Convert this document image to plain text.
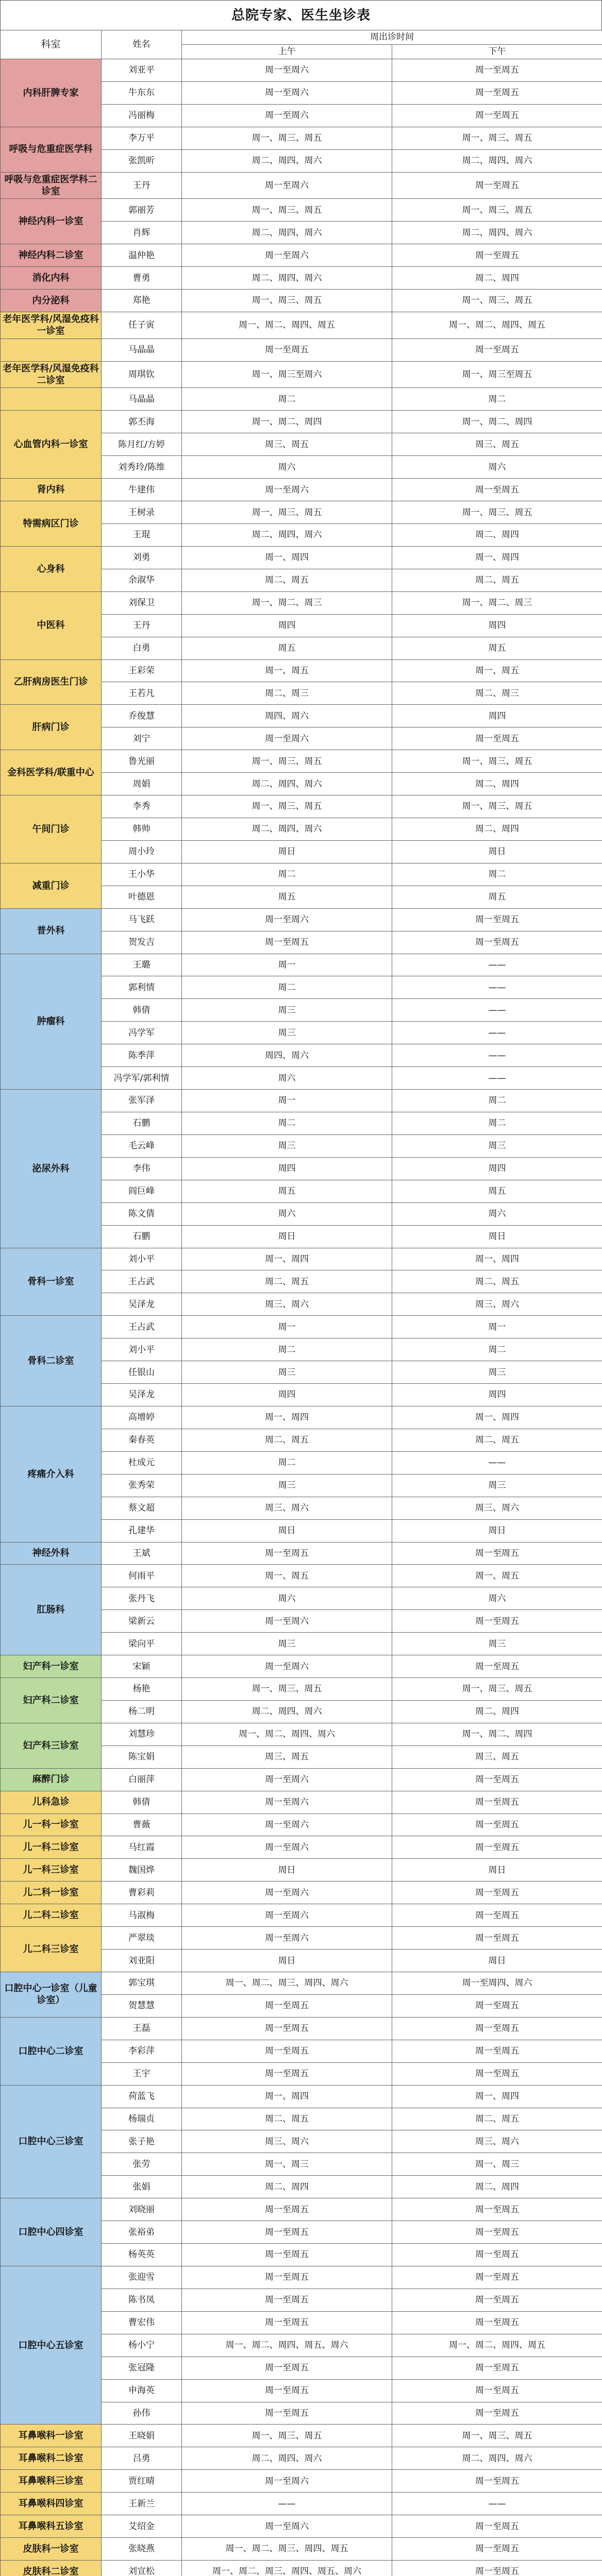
总院专家、医生坐诊表
科室	姓名	周出诊时间	
		上午	下午
内科肝脾专家	刘亚平	周一至周六	周一至周五
	牛东东	周一至周六	周一至周五
	冯丽梅	周一至周六	周一至周五
呼吸与危重症医学科	李万平	周一、周三、周五	周一、周三、周五
	张凯昕	周二、周四、周六	周二、周四、周六
呼吸与危重症医学科二诊室	王丹	周一至周六	周一至周五
神经内科一诊室	郭丽芳	周一、周三、周五	周一、周三、周五
	肖辉	周二、周四、周六	周二、周四、周六
神经内科二诊室	温仲艳	周一至周六	周一至周五
消化内科	曹勇	周二、周四、周六	周二、周四
内分泌科	郑艳	周一、周三、周五	周一、周三、周五
老年医学科/风湿免疫科一诊室	任子寅	周一、周二、周四、周五	周一、周二、周四、周五
	马晶晶	周一至周五	周一至周五
老年医学科/风湿免疫科二诊室	周琪钦	周一、周三至周六	周一、周三至周五
	马晶晶	周二	周二
心血管内科一诊室	郭丕海	周一、周二、周四	周一、周二、周四
	陈月红/方婷	周三、周五	周三、周五
	刘秀玲/陈维	周六	周六
肾内科	牛建伟	周一至周六	周一至周五
特需病区门诊	王树录	周一、周三、周五	周一、周三、周五
	王琨	周二、周四、周六	周二、周四
心身科	刘勇	周一、周四	周一、周四
	余淑华	周二、周五	周二、周五
中医科	刘保卫	周一、周二、周三	周一、周二、周三
	王丹	周四	周四
	白勇	周五	周五
乙肝病房医生门诊	王彩荣	周一、周五	周一、周五
	王若凡	周二、周三	周二、周三
肝病门诊	乔俊慧	周四、周六	周四
	刘宁	周一至周六	周一至周五
金科医学科/联重中心	鲁光丽	周一、周三、周五	周一、周三、周五
	周娟	周二、周四、周六	周二、周四
午间门诊	李秀	周一、周三、周五	周一、周三、周五
	韩帅	周二、周四、周六	周二、周四
	周小玲	周日	周日
减重门诊	王小华	周二	周二
	叶德恩	周五	周五
普外科	马飞跃	周一至周六	周一至周五
	贺发吉	周一至周五	周一至周五
肿瘤科	王璐	周一	——
	郭利情	周二	——
	韩倩	周三	——
	冯学军	周三	——
	陈季萍	周四、周六	——
	冯学军/郭利情	周六	——
泌尿外科	张军泽	周一	周二
	石鹏	周二	周二
	毛云峰	周三	周三
	李伟	周四	周四
	阎巨峰	周五	周五
	陈文倩	周六	周六
	石鹏	周日	周日
骨科一诊室	刘小平	周一、周四	周一、周四
	王占武	周二、周五	周二、周五
	吴泽龙	周三、周六	周三、周六
骨科二诊室	王占武	周一	周一
	刘小平	周二	周二
	任银山	周三	周三
	吴泽龙	周四	周四
疼痛介入科	高增婷	周一、周四	周一、周四
	秦春英	周二、周五	周二、周五
	杜成元	周二	——
	张秀荣	周三	周三
	蔡文超	周三、周六	周三、周六
	孔建华	周日	周日
神经外科	王斌	周一至周五	周一至周五
肛肠科	何雨平	周一、周五	周一、周五
	张丹飞	周六	周六
	梁新云	周一至周六	周一至周五
	梁向平	周三	周三
妇产科一诊室	宋颖	周一至周六	周一至周五
妇产科二诊室	杨艳	周一、周三、周五	周一、周三、周五
	杨二明	周二、周四、周六	周二、周四
妇产科三诊室	刘慧珍	周一、周二、周四、周六	周一、周二、周四
	陈宝娟	周三、周五	周三、周五
麻醉门诊	白丽萍	周一至周六	周一至周五
儿科急诊	韩倩	周一至周六	周一至周五
儿一科一诊室	曹薇	周一至周六	周一至周五
儿一科二诊室	马红霞	周一至周六	周一至周五
儿一科三诊室	魏国烨	周日	周日
儿二科一诊室	曹彩莉	周一至周六	周一至周五
儿二科二诊室	马淑梅	周一至周六	周一至周五
儿二科三诊室	严翠琰	周一至周六	周一至周五
	刘亚阳	周日	周日
口腔中心一诊室（儿童诊室）	郭宝琪	周一、周二、周三、周四、周六	周一至周四、周六
	贺慧慧	周一至周五	周一至周五
口腔中心二诊室	王磊	周一至周五	周一至周五
	李彩萍	周一至周五	周一至周五
	王宇	周一至周五	周一至周五
口腔中心三诊室	荷蓝飞	周一、周四	周一、周四
	杨瑞贞	周二、周五	周二、周五
	张子艳	周三、周六	周三、周六
	张劳	周一、周三	周一、周三
	张娟	周二、周四	周二、周四
口腔中心四诊室	刘晓丽	周一至周五	周一至周五
	张裕弟	周一至周五	周一至周五
	杨英英	周一至周五	周一至周五
口腔中心五诊室	张迎雪	周一至周五	周一至周五
	陈书凤	周一至周五	周一至周五
	曹宏伟	周一至周五	周一至周五
	杨小宁	周一、周二、周四、周五、周六	周一、周二、周四、周五
	张冠隆	周一至周五	周一至周五
	申海英	周一至周五	周一至周五
	孙伟	周一至周五	周一至周五
耳鼻喉科一诊室	王晓娟	周一、周三、周五	周一、周三、周五
耳鼻喉科二诊室	吕勇	周二、周四、周六	周二、周四、周六
耳鼻喉科三诊室	贾红晴	周一至周六	周一至周五
耳鼻喉科四诊室	王新兰	——	——
耳鼻喉科五诊室	艾绍金	周一至周六	周一至周五
皮肤科一诊室	张晓燕	周一、周二、周三、周四、周五	周一至周五
皮肤科二诊室	刘宣松	周一、周二、周三、周四、周五、周六	周一至周五
